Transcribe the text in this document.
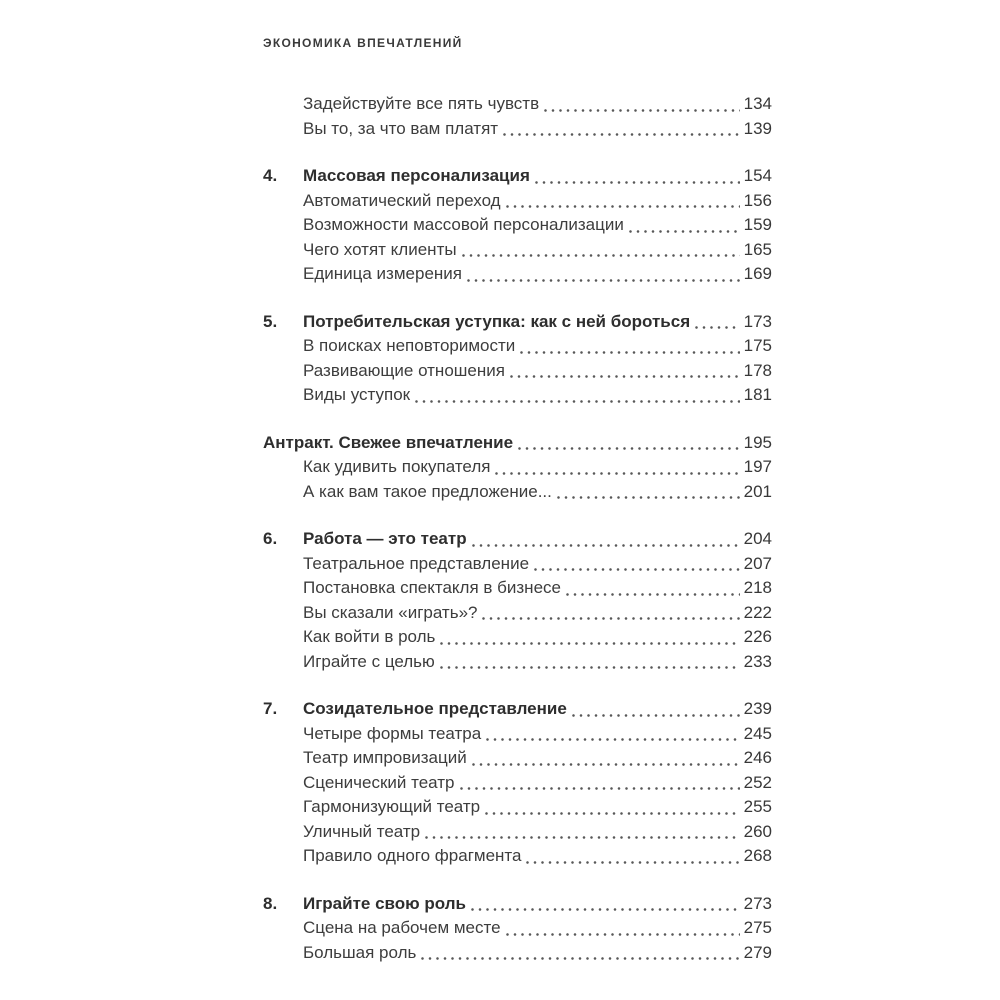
ЭКОНОМИКА ВПЕЧАТЛЕНИЙ
Задействуйте все пять чувств	134
Вы то, за что вам платят	139
4.	Массовая персонализация	154
Автоматический переход	156
Возможности массовой персонализации	159
Чего хотят клиенты	165
Единица измерения	169
5.	Потребительская уступка: как с ней бороться	173
В поисках неповторимости	175
Развивающие отношения	178
Виды уступок	181
Антракт. Свежее впечатление	195
Как удивить покупателя	197
А как вам такое предложение...	201
6.	Работа — это театр	204
Театральное представление	207
Постановка спектакля в бизнесе	218
Вы сказали «играть»?	222
Как войти в роль	226
Играйте с целью	233
7.	Созидательное представление	239
Четыре формы театра	245
Театр импровизаций	246
Сценический театр	252
Гармонизующий театр	255
Уличный театр	260
Правило одного фрагмента	268
8.	Играйте свою роль	273
Сцена на рабочем месте	275
Большая роль	279
